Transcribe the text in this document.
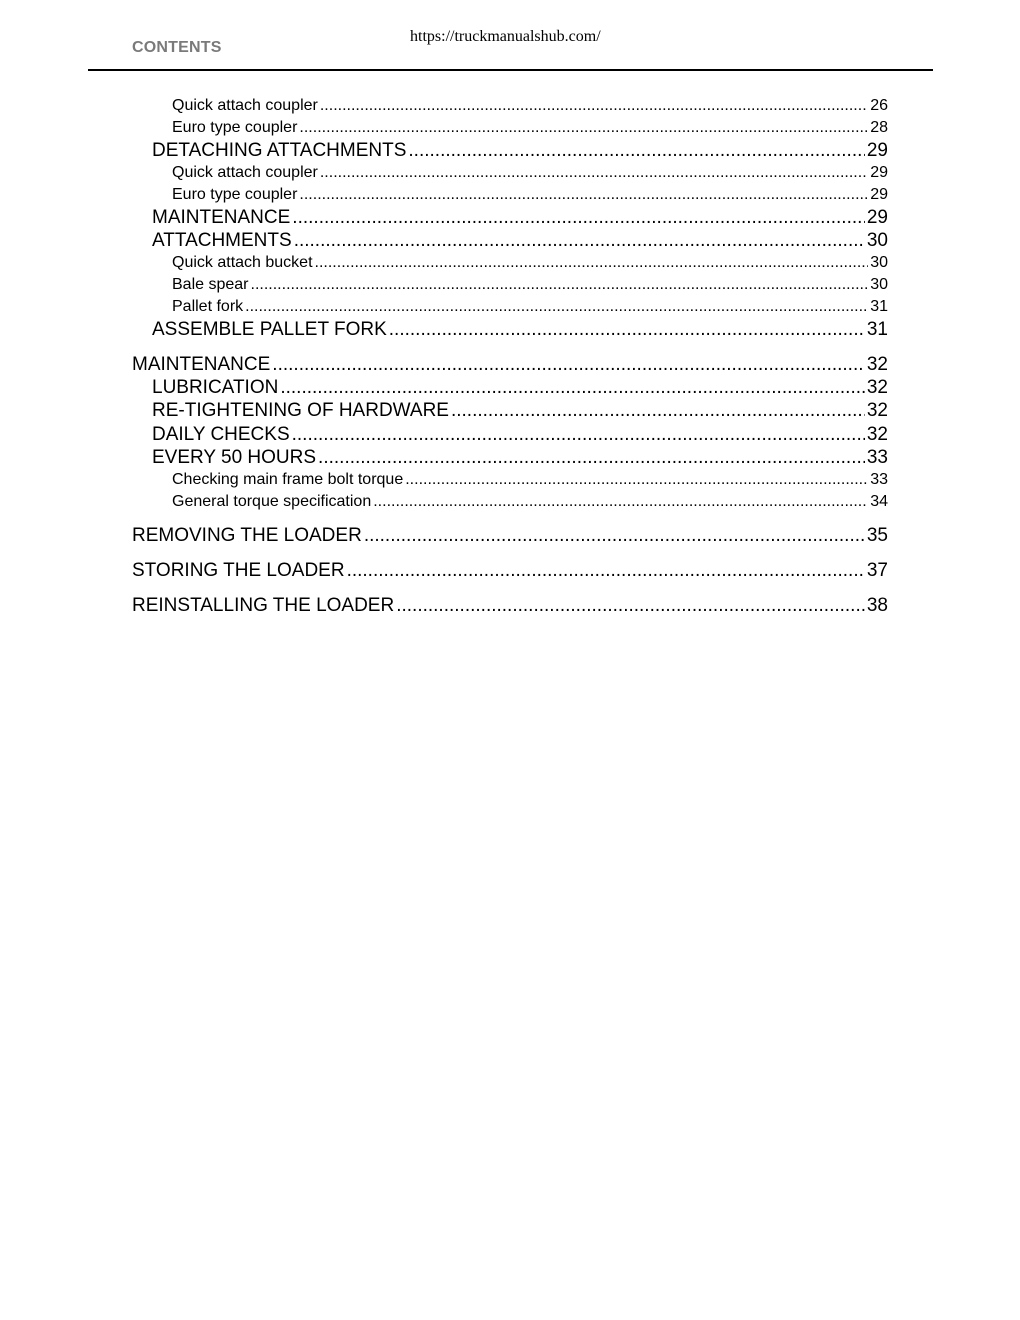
CONTENTS
https://truckmanualshub.com/
Quick attach coupler .....	26
Euro type coupler .....	28
DETACHING ATTACHMENTS .....	29
Quick attach coupler .....	29
Euro type coupler .....	29
MAINTENANCE .....	29
ATTACHMENTS .....	30
Quick attach bucket .....	30
Bale spear .....	30
Pallet fork .....	31
ASSEMBLE PALLET FORK .....	31
MAINTENANCE .....	32
LUBRICATION .....	32
RE-TIGHTENING OF HARDWARE .....	32
DAILY CHECKS .....	32
EVERY 50 HOURS .....	33
Checking main frame bolt torque .....	33
General torque specification .....	34
REMOVING THE LOADER .....	35
STORING THE LOADER .....	37
REINSTALLING THE LOADER .....	38
